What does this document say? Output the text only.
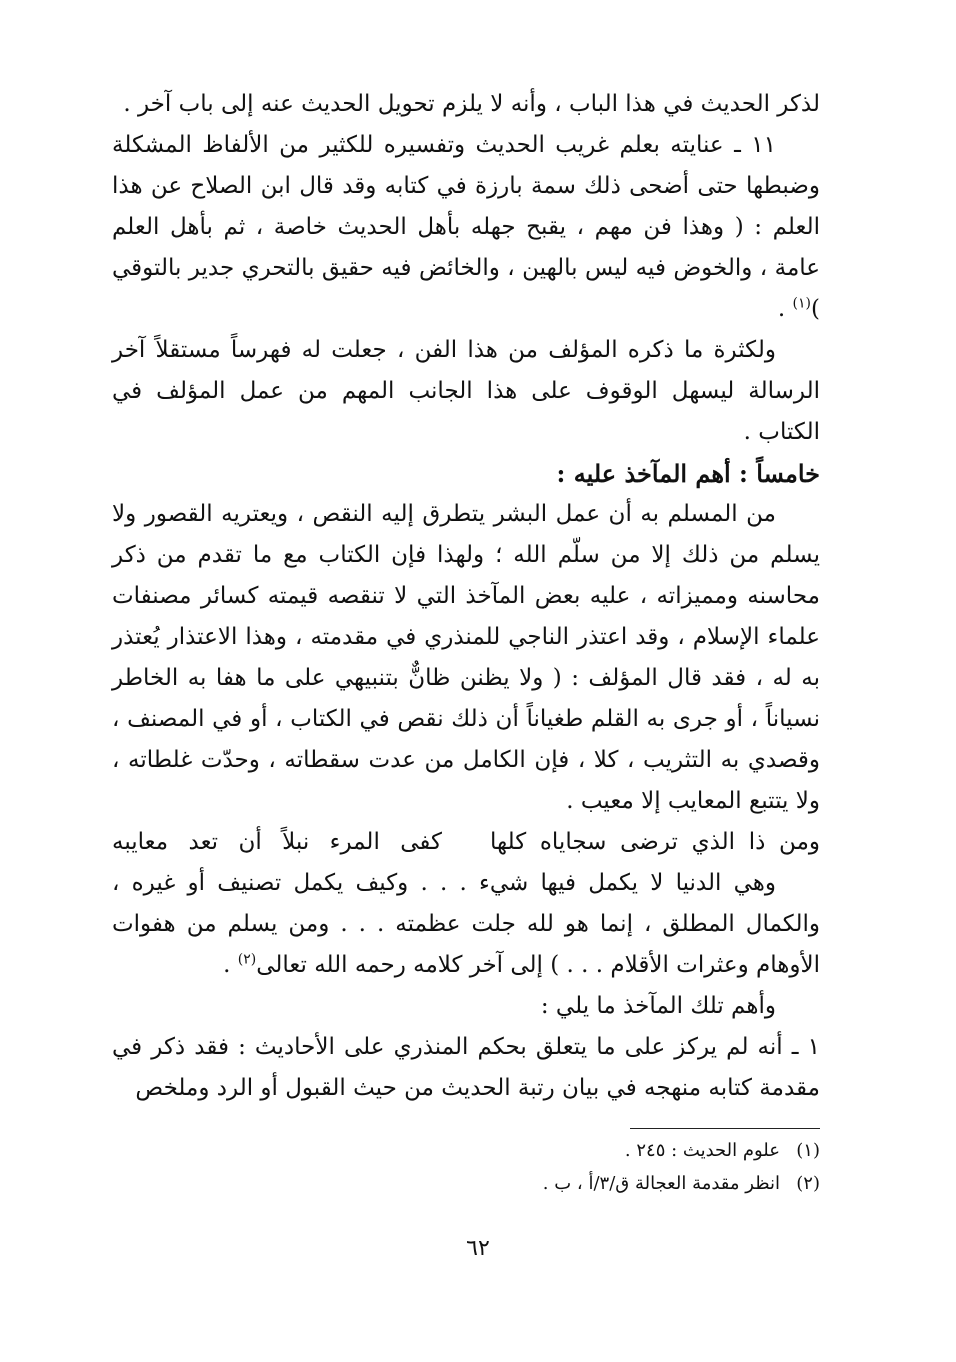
لذكر الحديث في هذا الباب ، وأنه لا يلزم تحويل الحديث عنه إلى باب آخر .

١١ ـ عنايته بعلم غريب الحديث وتفسيره للكثير من الألفاظ المشكلة وضبطها حتى أضحى ذلك سمة بارزة في كتابه وقد قال ابن الصلاح عن هذا العلم : ( وهذا فن مهم ، يقبح جهله بأهل الحديث خاصة ، ثم بأهل العلم عامة ، والخوض فيه ليس بالهين ، والخائض فيه حقيق بالتحري جدير بالتوقي )$^{(١)}$ .

ولكثرة ما ذكره المؤلف من هذا الفن ، جعلت له فهرساً مستقلاً آخر الرسالة ليسهل الوقوف على هذا الجانب المهم من عمل المؤلف في الكتاب .

خامساً : أهم المآخذ عليه :

من المسلم به أن عمل البشر يتطرق إليه النقص ، ويعتريه القصور ولا يسلم من ذلك إلا من سلّم الله ؛ ولهذا فإن الكتاب مع ما تقدم من ذكر محاسنه ومميزاته ، عليه بعض المآخذ التي لا تنقصه قيمته كسائر مصنفات علماء الإسلام ، وقد اعتذر الناجي للمنذري في مقدمته ، وهذا الاعتذار يُعتذر به له ، فقد قال المؤلف : ( ولا يظنن ظانٌّ بتنبيهي على ما هفا به الخاطر نسياناً ، أو جرى به القلم طغياناً أن ذلك نقص في الكتاب ، أو في المصنف ، وقصدي به التثريب ، كلا ، فإن الكامل من عدت سقطاته ، وحدّت غلطاته ، ولا يتتبع المعايب إلا معيب .

ومن ذا الذي ترضى سجاياه كلها
كفى المرء نبلاً أن تعد معايبه

وهي الدنيا لا يكمل فيها شيء . . . وكيف يكمل تصنيف أو غيره ، والكمال المطلق ، إنما هو لله جلت عظمته . . . ومن يسلم من هفوات الأوهام وعثرات الأقلام . . . ) إلى آخر كلامه رحمه الله تعالى$^{(٢)}$ .

وأهم تلك المآخذ ما يلي :

١ ـ أنه لم يركز على ما يتعلق بحكم المنذري على الأحاديث : فقد ذكر في مقدمة كتابه منهجه في بيان رتبة الحديث من حيث القبول أو الرد وملخص

(١)علوم الحديث : ٢٤٥ .

(٢)انظر مقدمة العجالة ق/٣/أ ، ب .

٦٢
